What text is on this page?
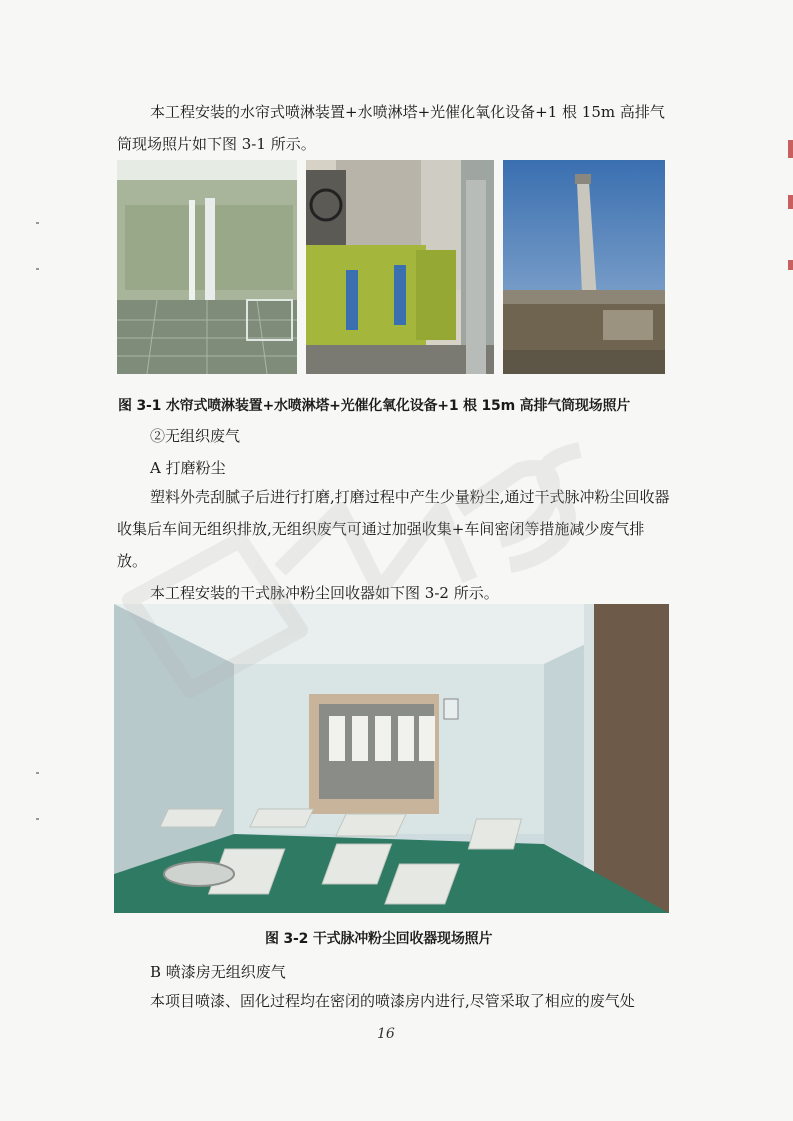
本工程安装的水帘式喷淋装置+水喷淋塔+光催化氧化设备+1 根 15m 高排气筒现场照片如下图 3-1 所示。

图 3-1 水帘式喷淋装置+水喷淋塔+光催化氧化设备+1 根 15m 高排气筒现场照片
②无组织废气
A 打磨粉尘

塑料外壳刮腻子后进行打磨,打磨过程中产生少量粉尘,通过干式脉冲粉尘回收器收集后车间无组织排放,无组织废气可通过加强收集+车间密闭等措施减少废气排放。

本工程安装的干式脉冲粉尘回收器如下图 3-2 所示。

图 3-2 干式脉冲粉尘回收器现场照片
B 喷漆房无组织废气

本项目喷漆、固化过程均在密闭的喷漆房内进行,尽管采取了相应的废气处

16
